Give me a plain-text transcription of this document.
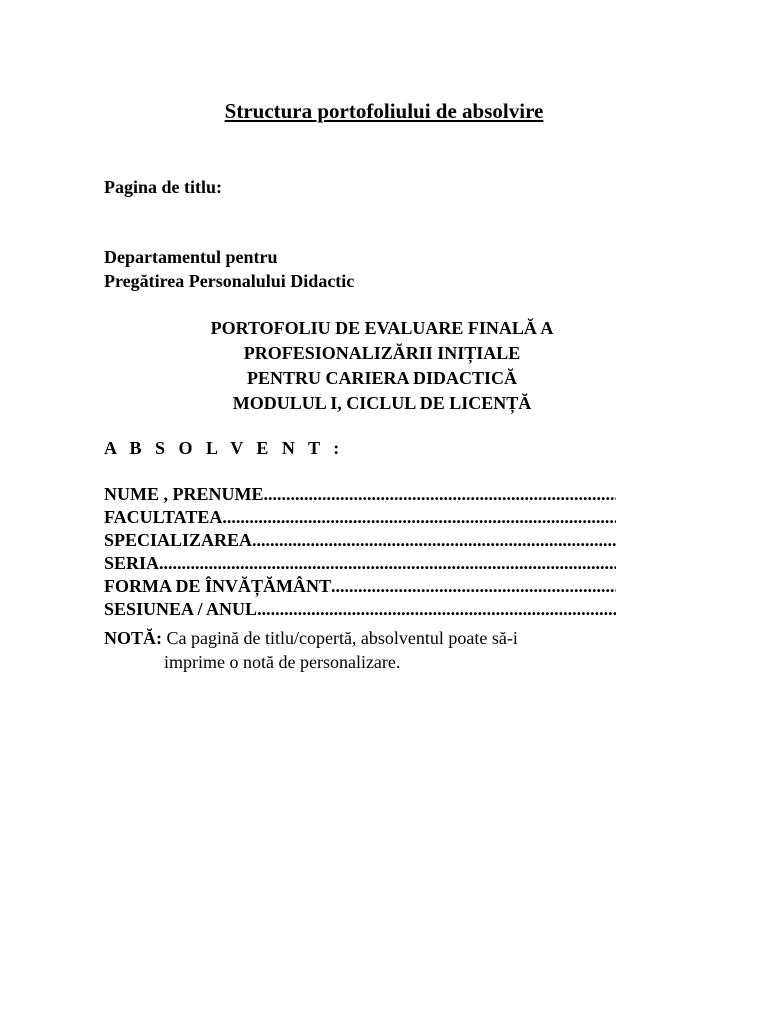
Structura portofoliului de absolvire
Pagina de titlu:
Departamentul pentru
Pregătirea Personalului Didactic
PORTOFOLIU DE EVALUARE FINALĂ A
PROFESIONALIZĂRII INIȚIALE
PENTRU CARIERA DIDACTICĂ
MODULUL I, CICLUL DE LICENȚĂ
A B S O L V E N T :
NUME , PRENUME
.....
FACULTATEA
.....
SPECIALIZAREA
.....
SERIA
.....
FORMA DE ÎNVĂȚĂMÂNT
.....
SESIUNEA / ANUL
.....
NOTĂ: Ca pagină de titlu/copertă, absolventul poate să-i
imprime o notă de personalizare.
